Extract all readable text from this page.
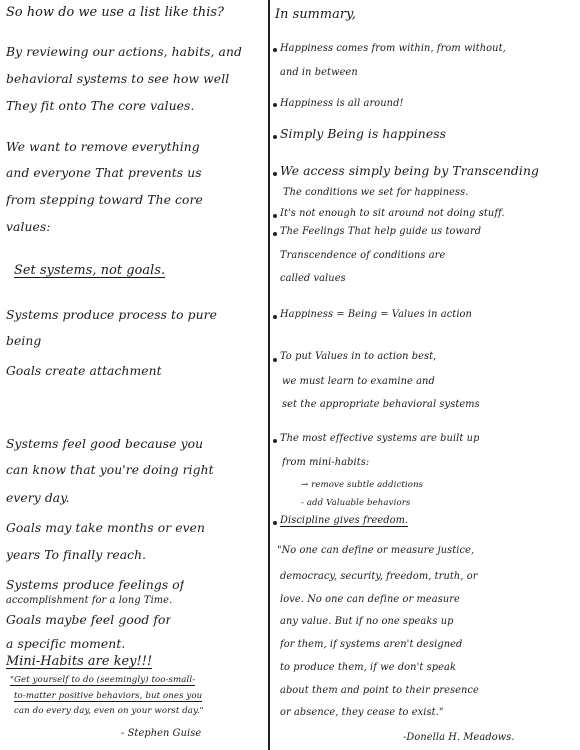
So how do we use a list like this?
By reviewing our actions, habits, and
behavioral systems to see how well
They fit onto The core values.
We want to remove everything
and everyone That prevents us
from stepping toward The core
values:
Set systems, not goals.
Systems produce process to pure
being
Goals create attachment
Systems feel good because you
can know that you're doing right
every day.
Goals may take months or even
years To finally reach.
Systems produce feelings of
accomplishment for a long Time.
Goals maybe feel good for
a specific moment.
Mini-Habits are key!!!
"Get yourself to do (seemingly) too-small-
to-matter positive behaviors, but ones you
can do every day, even on your worst day."
- Stephen Guise
In summary,
Happiness comes from within, from without,
and in between
Happiness is all around!
Simply Being is happiness
We access simply being by Transcending
The conditions we set for happiness.
It's not enough to sit around not doing stuff.
The Feelings That help guide us toward
Transcendence of conditions are
called values
Happiness = Being = Values in action
To put Values in to action best,
we must learn to examine and
set the appropriate behavioral systems
The most effective systems are built up
from mini-habits:
→ remove subtle addictions
- add Valuable behaviors
Discipline gives freedom.
"No one can define or measure justice,
democracy, security, freedom, truth, or
love. No one can define or measure
any value. But if no one speaks up
for them, if systems aren't designed
to produce them, if we don't speak
about them and point to their presence
or absence, they cease to exist."
-Donella H. Meadows.
